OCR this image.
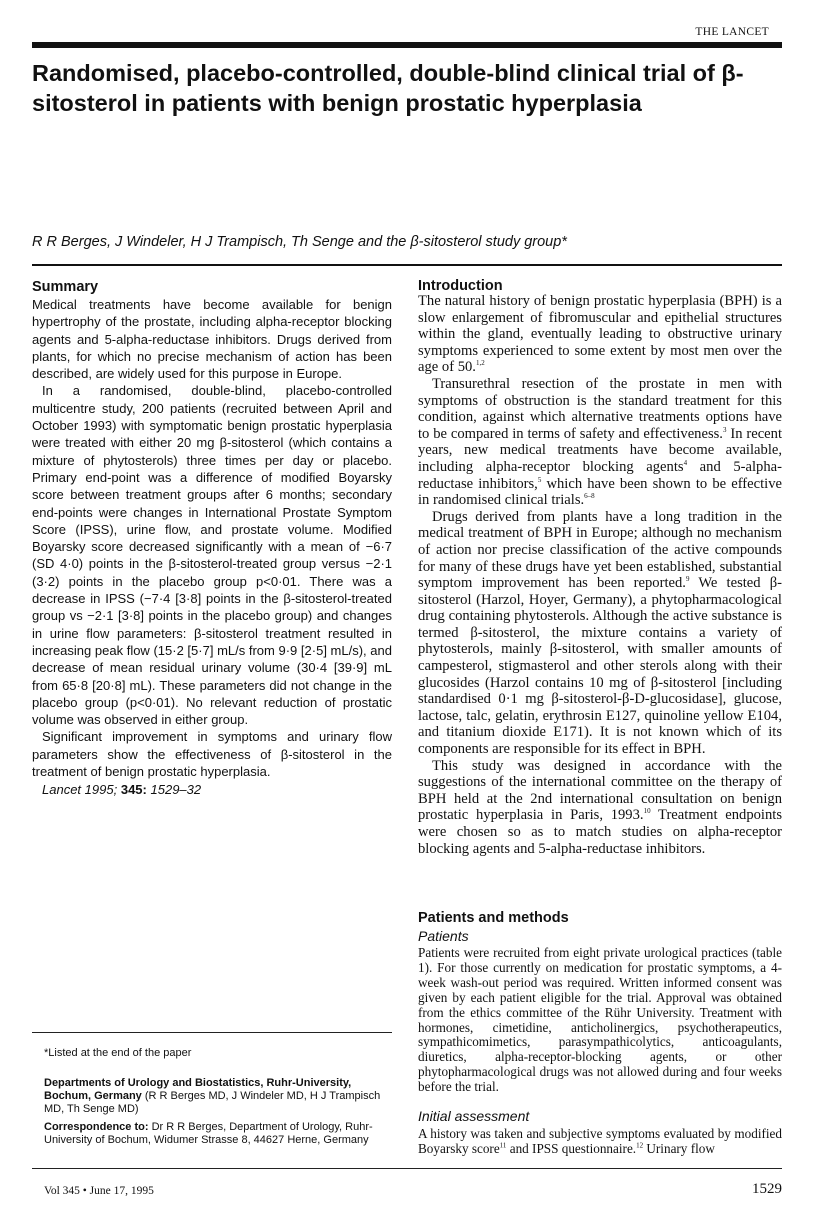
THE LANCET
Randomised, placebo-controlled, double-blind clinical trial of β-sitosterol in patients with benign prostatic hyperplasia
R R Berges, J Windeler, H J Trampisch, Th Senge and the β-sitosterol study group*
Summary

Medical treatments have become available for benign hypertrophy of the prostate, including alpha-receptor blocking agents and 5-alpha-reductase inhibitors. Drugs derived from plants, for which no precise mechanism of action has been described, are widely used for this purpose in Europe.

In a randomised, double-blind, placebo-controlled multicentre study, 200 patients (recruited between April and October 1993) with symptomatic benign prostatic hyperplasia were treated with either 20 mg β-sitosterol (which contains a mixture of phytosterols) three times per day or placebo. Primary end-point was a difference of modified Boyarsky score between treatment groups after 6 months; secondary end-points were changes in International Prostate Symptom Score (IPSS), urine flow, and prostate volume. Modified Boyarsky score decreased significantly with a mean of −6·7 (SD 4·0) points in the β-sitosterol-treated group versus −2·1 (3·2) points in the placebo group p<0·01. There was a decrease in IPSS (−7·4 [3·8] points in the β-sitosterol-treated group vs −2·1 [3·8] points in the placebo group) and changes in urine flow parameters: β-sitosterol treatment resulted in increasing peak flow (15·2 [5·7] mL/s from 9·9 [2·5] mL/s), and decrease of mean residual urinary volume (30·4 [39·9] mL from 65·8 [20·8] mL). These parameters did not change in the placebo group (p<0·01). No relevant reduction of prostatic volume was observed in either group.

Significant improvement in symptoms and urinary flow parameters show the effectiveness of β-sitosterol in the treatment of benign prostatic hyperplasia.

Lancet 1995; 345: 1529–32

Introduction

The natural history of benign prostatic hyperplasia (BPH) is a slow enlargement of fibromuscular and epithelial structures within the gland, eventually leading to obstructive urinary symptoms experienced to some extent by most men over the age of 50.$^{1,2}$

Transurethral resection of the prostate in men with symptoms of obstruction is the standard treatment for this condition, against which alternative treatments options have to be compared in terms of safety and effectiveness.$^3$ In recent years, new medical treatments have become available, including alpha-receptor blocking agents$^4$ and 5-alpha-reductase inhibitors,$^5$ which have been shown to be effective in randomised clinical trials.$^{6-8}$

Drugs derived from plants have a long tradition in the medical treatment of BPH in Europe; although no mechanism of action nor precise classification of the active compounds for many of these drugs have yet been established, substantial symptom improvement has been reported.$^9$ We tested β-sitosterol (Harzol, Hoyer, Germany), a phytopharmacological drug containing phytosterols. Although the active substance is termed β-sitosterol, the mixture contains a variety of phytosterols, mainly β-sitosterol, with smaller amounts of campesterol, stigmasterol and other sterols along with their glucosides (Harzol contains 10 mg of β-sitosterol [including standardised 0·1 mg β-sitosterol-β-D-glucosidase], glucose, lactose, talc, gelatin, erythrosin E127, quinoline yellow E104, and titanium dioxide E171). It is not known which of its components are responsible for its effect in BPH.

This study was designed in accordance with the suggestions of the international committee on the therapy of BPH held at the 2nd international consultation on benign prostatic hyperplasia in Paris, 1993.10 Treatment endpoints were chosen so as to match studies on alpha-receptor blocking agents and 5-alpha-reductase inhibitors.

Patients and methods
Patients
Patients were recruited from eight private urological practices (table 1). For those currently on medication for prostatic symptoms, a 4-week wash-out period was required. Written informed consent was given by each patient eligible for the trial. Approval was obtained from the ethics committee of the Rühr University. Treatment with hormones, cimetidine, anticholinergics, psychotherapeutics, sympathicomimetics, parasympathicolytics, anticoagulants, diuretics, alpha-receptor-blocking agents, or other phytopharmacological drugs was not allowed during and four weeks before the trial.
Initial assessment
A history was taken and subjective symptoms evaluated by modified Boyarsky score$^{11}$ and IPSS questionnaire.$^{12}$ Urinary flow
*Listed at the end of the paper

Departments of Urology and Biostatistics, Ruhr-University, Bochum, Germany (R R Berges MD, J Windeler MD, H J Trampisch MD, Th Senge MD)

Correspondence to: Dr R R Berges, Department of Urology, Ruhr-University of Bochum, Widumer Strasse 8, 44627 Herne, Germany

Vol 345 • June 17, 1995	1529
